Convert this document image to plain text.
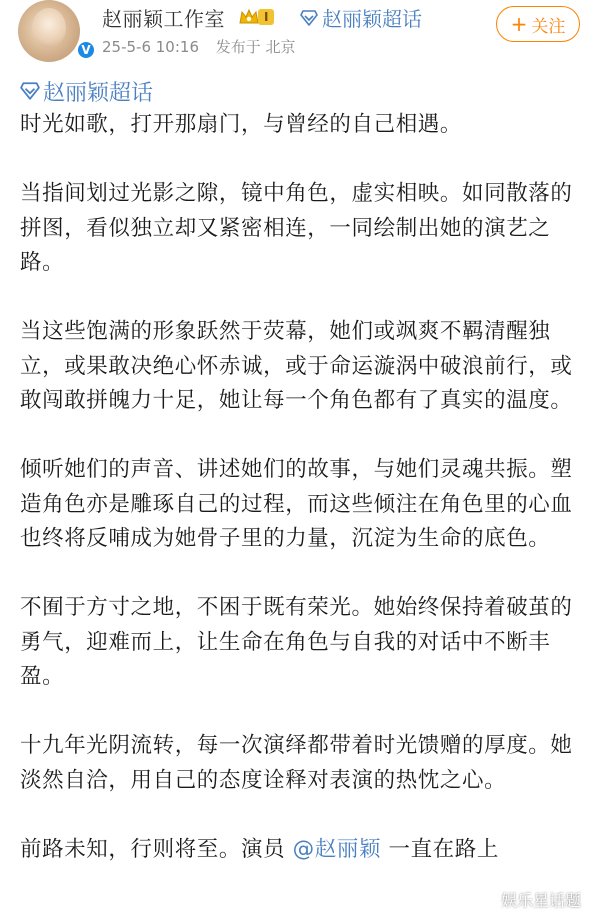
V
赵丽颖工作室	I	赵丽颖超话
25-5-6 10:16 发布于 北京
+ 关注
赵丽颖超话

时光如歌，打开那扇门，与曾经的自己相遇。

当指间划过光影之隙，镜中角色，虚实相映。如同散落的拼图，看似独立却又紧密相连，一同绘制出她的演艺之路。

当这些饱满的形象跃然于荧幕，她们或飒爽不羁清醒独立，或果敢决绝心怀赤诚，或于命运漩涡中破浪前行，或敢闯敢拼魄力十足，她让每一个角色都有了真实的温度。

倾听她们的声音、讲述她们的故事，与她们灵魂共振。塑造角色亦是雕琢自己的过程，而这些倾注在角色里的心血也终将反哺成为她骨子里的力量，沉淀为生命的底色。

不囿于方寸之地，不困于既有荣光。她始终保持着破茧的勇气，迎难而上，让生命在角色与自我的对话中不断丰盈。

十九年光阴流转，每一次演绎都带着时光馈赠的厚度。她淡然自洽，用自己的态度诠释对表演的热忱之心。

前路未知，行则将至。演员 @赵丽颖 一直在路上

娱乐星话题
